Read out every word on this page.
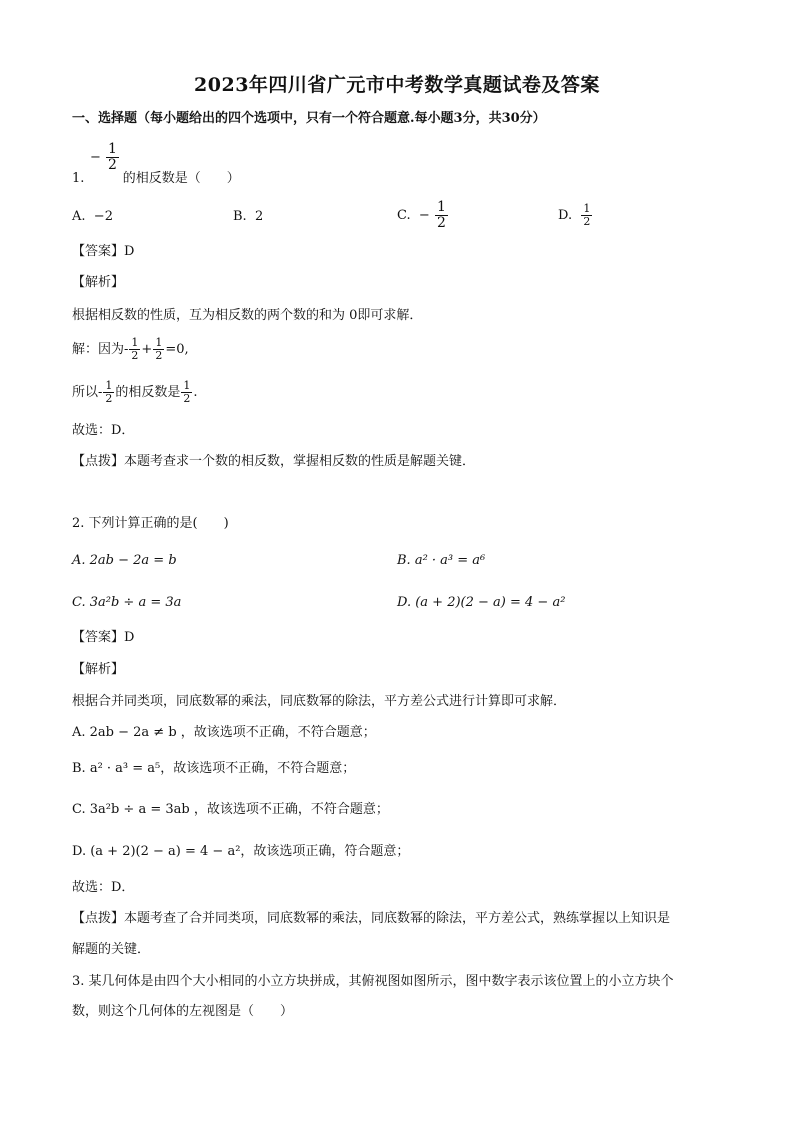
2023年四川省广元市中考数学真题试卷及答案
一、选择题（每小题给出的四个选项中，只有一个符合题意.每小题3分，共30分）
− $\frac{1}{2}$
1.	的相反数是（　　）
A. −2	B. 2	C. − $\frac{1}{2}$	D. $\frac{1}{2}$
【答案】D
【解析】
根据相反数的性质，互为相反数的两个数的和为 0即可求解．
解：因为- $\frac{1}{2} + \frac{1}{2} =0$,
所以- $\frac{1}{2}$ 的相反数是 $\frac{1}{2}$ .
故选：D．
【点拨】本题考查求一个数的相反数，掌握相反数的性质是解题关键．
2. 下列计算正确的是(　　)
A. 2ab − 2a = b	B. a² · a³ = a⁶
C. 3a²b ÷ a = 3a	D. (a + 2)(2 − a) = 4 − a²
【答案】D
【解析】
根据合并同类项，同底数幂的乘法，同底数幂的除法，平方差公式进行计算即可求解．
A. 2ab − 2a ≠ b ，故该选项不正确，不符合题意；
B. a² · a³ = a⁵，故该选项不正确，不符合题意；
C. 3a²b ÷ a = 3ab ，故该选项不正确，不符合题意；
D. (a + 2)(2 − a) = 4 − a²，故该选项正确，符合题意；
故选：D．
【点拨】本题考查了合并同类项，同底数幂的乘法，同底数幂的除法，平方差公式，熟练掌握以上知识是
解题的关键．
3. 某几何体是由四个大小相同的小立方块拼成，其俯视图如图所示，图中数字表示该位置上的小立方块个
数，则这个几何体的左视图是（　　）
